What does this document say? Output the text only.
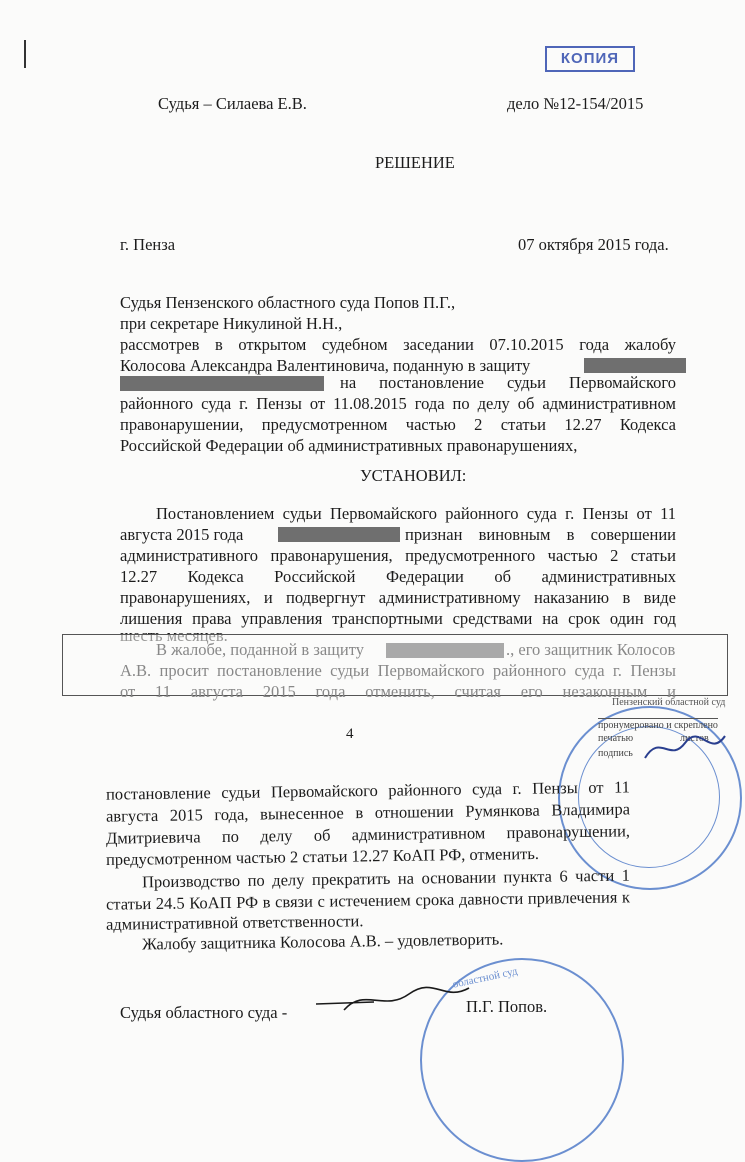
КОПИЯ
Судья – Силаева Е.В.	дело №12-154/2015
РЕШЕНИЕ
г. Пенза	07 октября 2015 года.
Судья Пензенского областного суда Попов П.Г.,
при секретаре Никулиной Н.Н.,
рассмотрев в открытом судебном заседании 07.10.2015 года жалобу
Колосова Александра Валентиновича, поданную в защиту
на постановление судьи Первомайского
районного суда г. Пензы от 11.08.2015 года по делу об административном
правонарушении, предусмотренном частью 2 статьи 12.27 Кодекса
Российской Федерации об административных правонарушениях,
УСТАНОВИЛ:
Постановлением судьи Первомайского районного суда г. Пензы от 11
августа 2015 года	признан виновным в совершении
административного правонарушения, предусмотренного частью 2 статьи
12.27 Кодекса Российской Федерации об административных
правонарушениях, и подвергнут административному наказанию в виде
лишения права управления транспортными средствами на срок один год
В жалобе, поданной в защиту	., его защитник Колосов
А.В. просит постановление судьи Первомайского районного суда г. Пензы
от 11 августа 2015 года отменить, считая его незаконным и
4
Пензенский областной суд
пронумеровано и скреплено
печатью	листов
подпись
постановление судьи Первомайского районного суда г. Пензы от 11
августа 2015 года, вынесенное в отношении Румянкова Владимира
Дмитриевича по делу об административном правонарушении,
предусмотренном частью 2 статьи 12.27 КоАП РФ, отменить.
Производство по делу прекратить на основании пункта 6 части 1
статьи 24.5 КоАП РФ в связи с истечением срока давности привлечения к
административной ответственности.
Жалобу защитника Колосова А.В. – удовлетворить.
областной суд
Судья областного суда -	П.Г. Попов.
